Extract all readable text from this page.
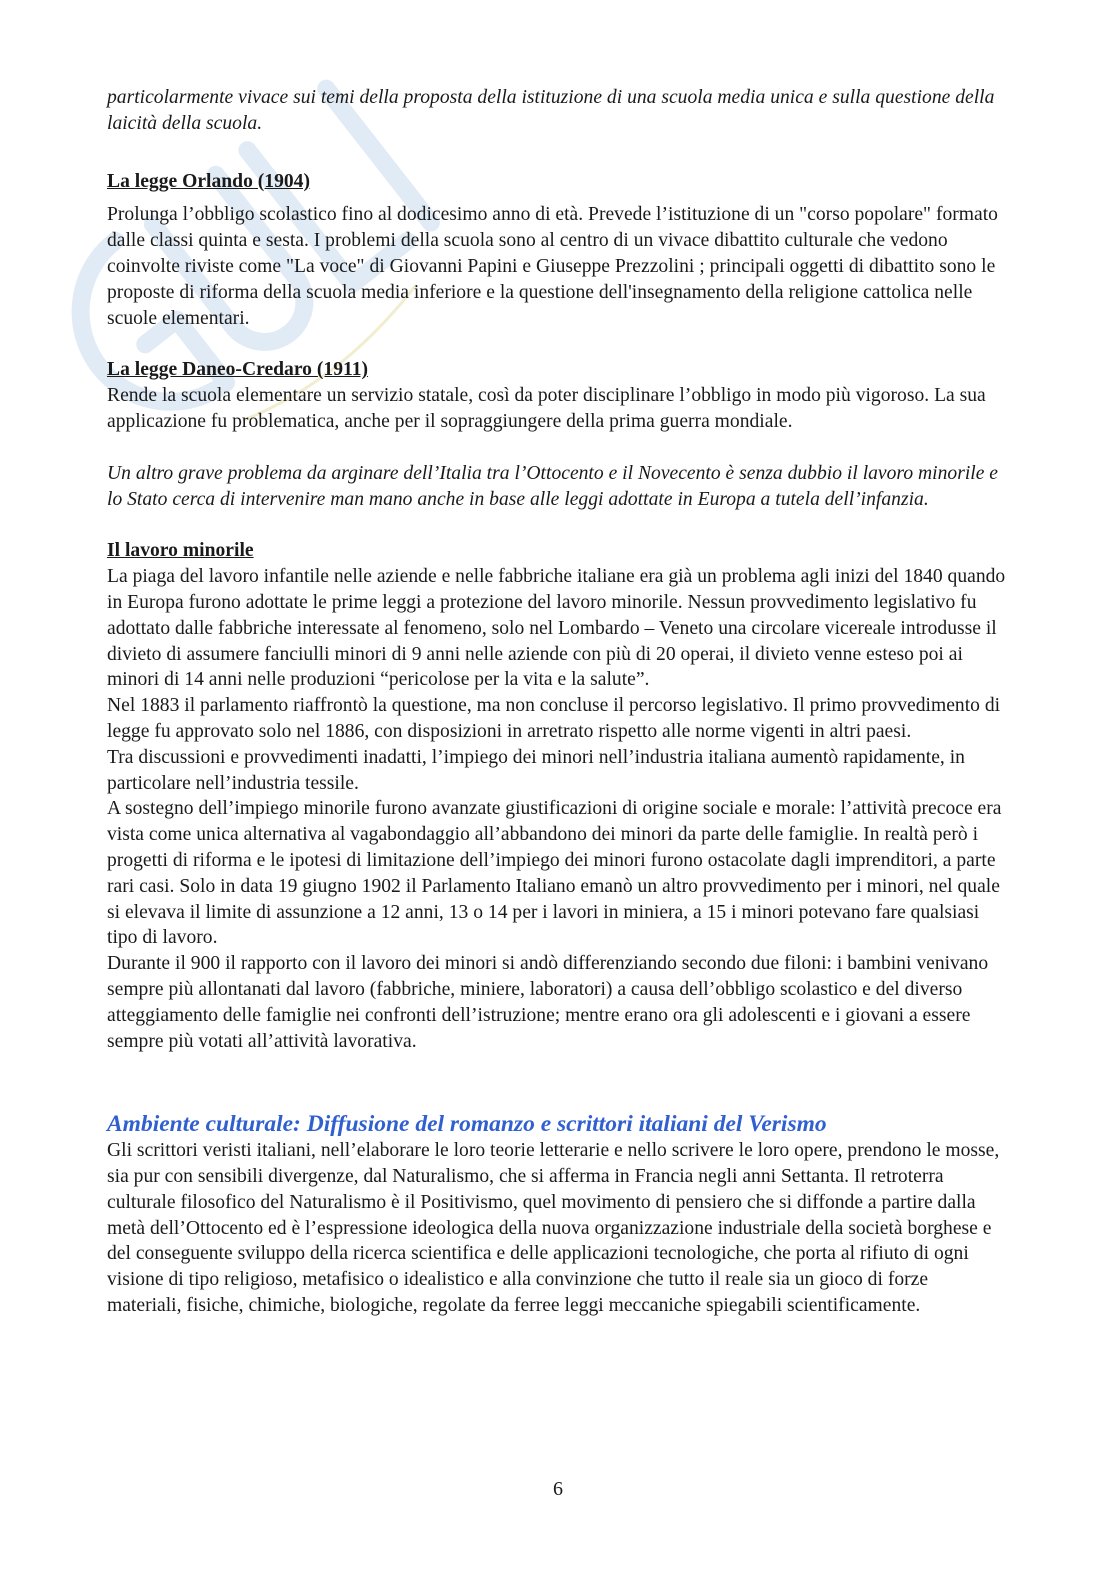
particolarmente vivace sui temi della proposta della istituzione di una scuola media unica e sulla questione della laicità della scuola.

La legge Orlando (1904)

Prolunga l’obbligo scolastico fino al dodicesimo anno di età. Prevede l’istituzione di un "corso popolare" formato dalle classi quinta e sesta. I problemi della scuola sono al centro di un vivace dibattito culturale che vedono coinvolte riviste come "La voce" di Giovanni Papini e Giuseppe Prezzolini ; principali oggetti di dibattito sono le proposte di riforma della scuola media inferiore e la questione dell'insegnamento della religione cattolica nelle scuole elementari.

La legge Daneo-Credaro (1911)

Rende la scuola elementare un servizio statale, così da poter disciplinare l’obbligo in modo più vigoroso. La sua applicazione fu problematica, anche per il sopraggiungere della prima guerra mondiale.

Un altro grave problema da arginare dell’Italia tra l’Ottocento e il Novecento è senza dubbio il lavoro minorile e lo Stato cerca di intervenire man mano anche in base alle leggi adottate in Europa a tutela dell’infanzia.

Il lavoro minorile

La piaga del lavoro infantile nelle aziende e nelle fabbriche italiane era già un problema agli inizi del 1840 quando in Europa furono adottate le prime leggi a protezione del lavoro minorile. Nessun provvedimento legislativo fu adottato dalle fabbriche interessate al fenomeno, solo nel Lombardo – Veneto una circolare vicereale introdusse il divieto di assumere fanciulli minori di 9 anni nelle aziende con più di 20 operai, il divieto venne esteso poi ai minori di 14 anni nelle produzioni “pericolose per la vita e la salute”.

Nel 1883 il parlamento riaffrontò la questione, ma non concluse il percorso legislativo. Il primo provvedimento di legge fu approvato solo nel 1886, con disposizioni in arretrato rispetto alle norme vigenti in altri paesi.

Tra discussioni e provvedimenti inadatti, l’impiego dei minori nell’industria italiana aumentò rapidamente, in particolare nell’industria tessile.

A sostegno dell’impiego minorile furono avanzate giustificazioni di origine sociale e morale: l’attività precoce era vista come unica alternativa al vagabondaggio all’abbandono dei minori da parte delle famiglie. In realtà però i progetti di riforma e le ipotesi di limitazione dell’impiego dei minori furono ostacolate dagli imprenditori, a parte rari casi. Solo in data 19 giugno 1902 il Parlamento Italiano emanò un altro provvedimento per i minori, nel quale si elevava il limite di assunzione a 12 anni, 13 o 14 per i lavori in miniera, a 15 i minori potevano fare qualsiasi tipo di lavoro.

Durante il 900 il rapporto con il lavoro dei minori si andò differenziando secondo due filoni: i bambini venivano sempre più allontanati dal lavoro (fabbriche, miniere, laboratori) a causa dell’obbligo scolastico e del diverso atteggiamento delle famiglie nei confronti dell’istruzione; mentre erano ora gli adolescenti e i giovani a essere sempre più votati all’attività lavorativa.

Ambiente culturale: Diffusione del romanzo e scrittori italiani del Verismo

Gli scrittori veristi italiani, nell’elaborare le loro teorie letterarie e nello scrivere le loro opere, prendono le mosse, sia pur con sensibili divergenze, dal Naturalismo, che si afferma in Francia negli anni Settanta. Il retroterra culturale filosofico del Naturalismo è il Positivismo, quel movimento di pensiero che si diffonde a partire dalla metà dell’Ottocento ed è l’espressione ideologica della nuova organizzazione industriale della società borghese e del conseguente sviluppo della ricerca scientifica e delle applicazioni tecnologiche, che porta al rifiuto di ogni visione di tipo religioso, metafisico o idealistico e alla convinzione che tutto il reale sia un gioco di forze materiali, fisiche, chimiche, biologiche, regolate da ferree leggi meccaniche spiegabili scientificamente.

6
